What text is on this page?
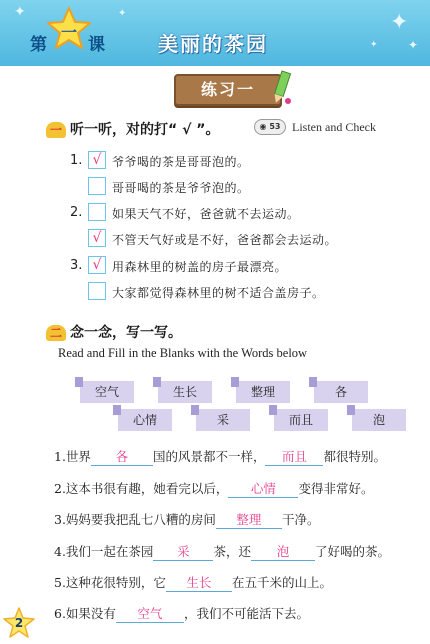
✦	✦	✦
✦
✦
第 课
一	美丽的茶园
练习一
一 听一听，对的打“ √ ”。	◉ 53 Listen and Check
1. √ 爷爷喝的茶是哥哥泡的。
哥哥喝的茶是爷爷泡的。
2. 如果天气不好，爸爸就不去运动。
√ 不管天气好或是不好，爸爸都会去运动。
3. √ 用森林里的树盖的房子最漂亮。
大家都觉得森林里的树不适合盖房子。
二 念一念，写一写。
Read and Fill in the Blanks with the Words below
空气	生长	整理	各
心情	采	而且	泡
1.世界 各 国的风景都不一样， 而且 都很特别。
2.这本书很有趣，她看完以后， 心情 变得非常好。
3.妈妈要我把乱七八糟的房间 整理 干净。
4.我们一起在茶园 采 茶，还 泡 了好喝的茶。
5.这种花很特别，它 生长 在五千米的山上。
6.如果没有 空气 ，我们不可能活下去。
2
